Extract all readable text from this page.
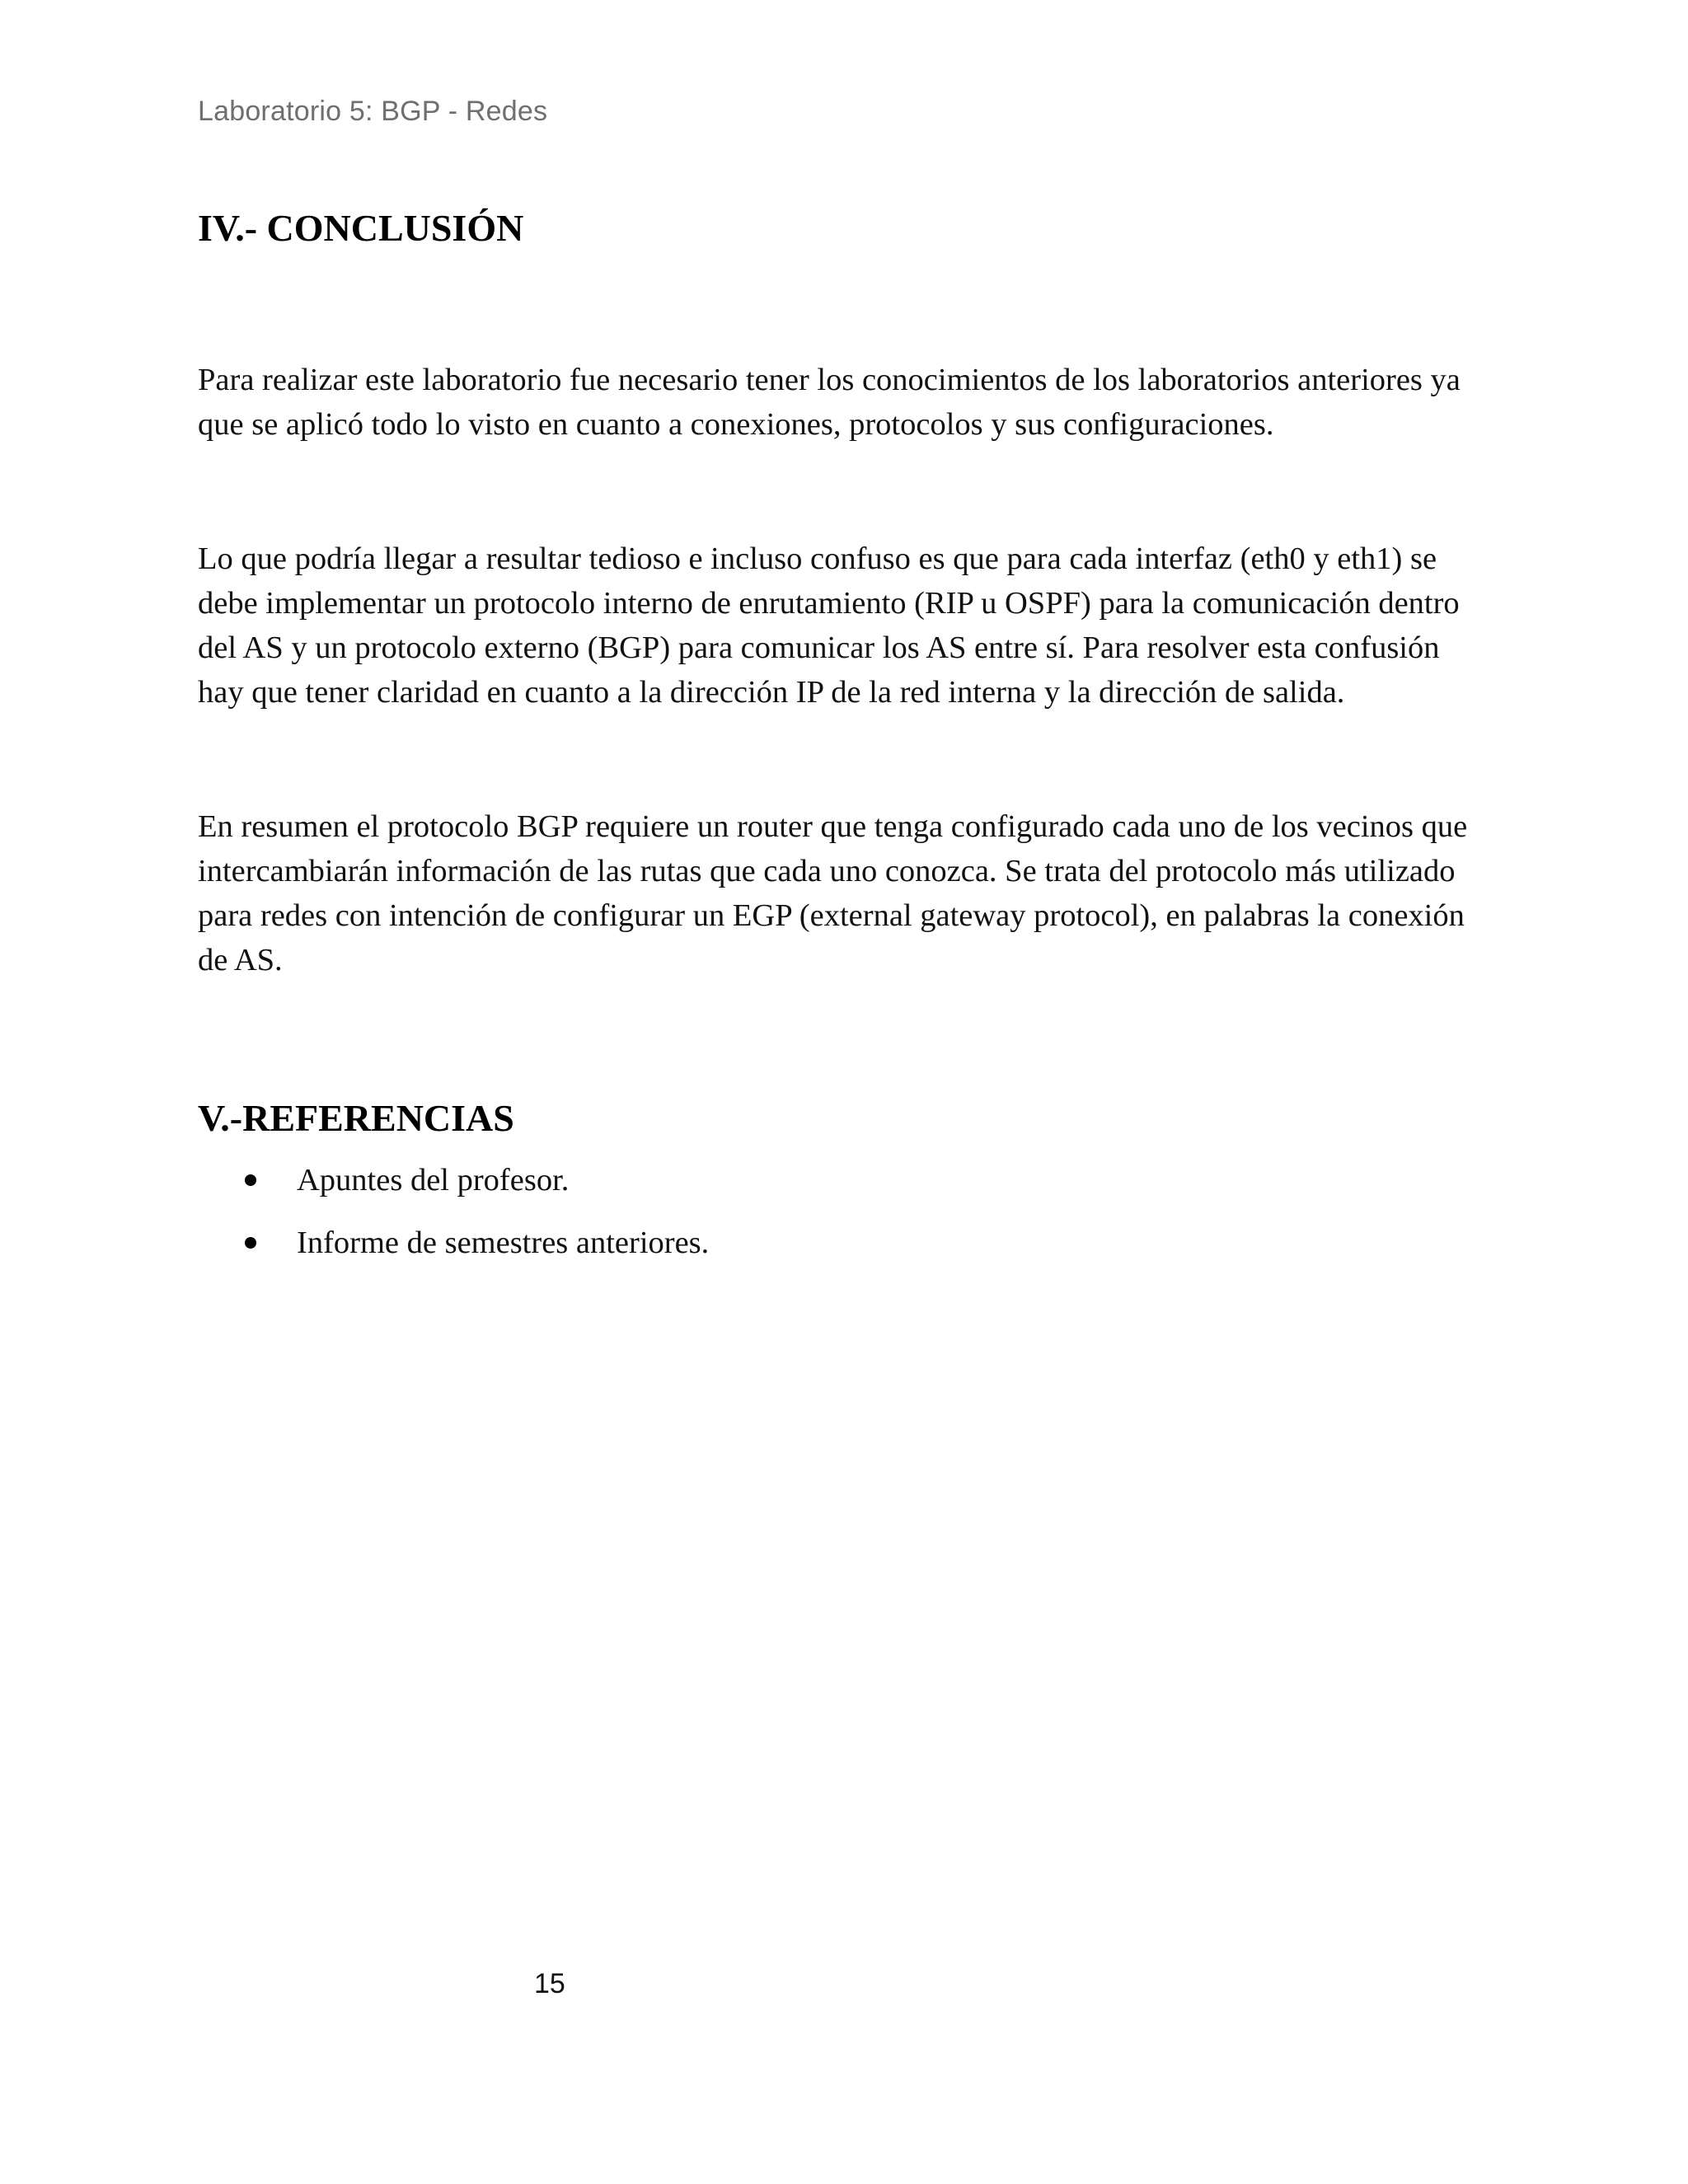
Laboratorio 5: BGP - Redes
IV.- CONCLUSIÓN

Para realizar este laboratorio fue necesario tener los conocimientos de los laboratorios anteriores ya que se aplicó todo lo visto en cuanto a conexiones, protocolos y sus configuraciones.

Lo que podría llegar a resultar tedioso e incluso confuso es que para cada interfaz (eth0 y eth1) se debe implementar un protocolo interno de enrutamiento (RIP u OSPF) para la comunicación dentro del AS y un protocolo externo (BGP) para comunicar los AS entre sí. Para resolver esta confusión hay que tener claridad en cuanto a la dirección IP de la red interna y la dirección de salida.

En resumen el protocolo BGP requiere un router que tenga configurado cada uno de los vecinos que intercambiarán información de las rutas que cada uno conozca. Se trata del protocolo más utilizado para redes con intención de configurar un EGP (external gateway protocol), en palabras la conexión de AS.

V.-REFERENCIAS
Apuntes del profesor.
Informe de semestres anteriores.
15
